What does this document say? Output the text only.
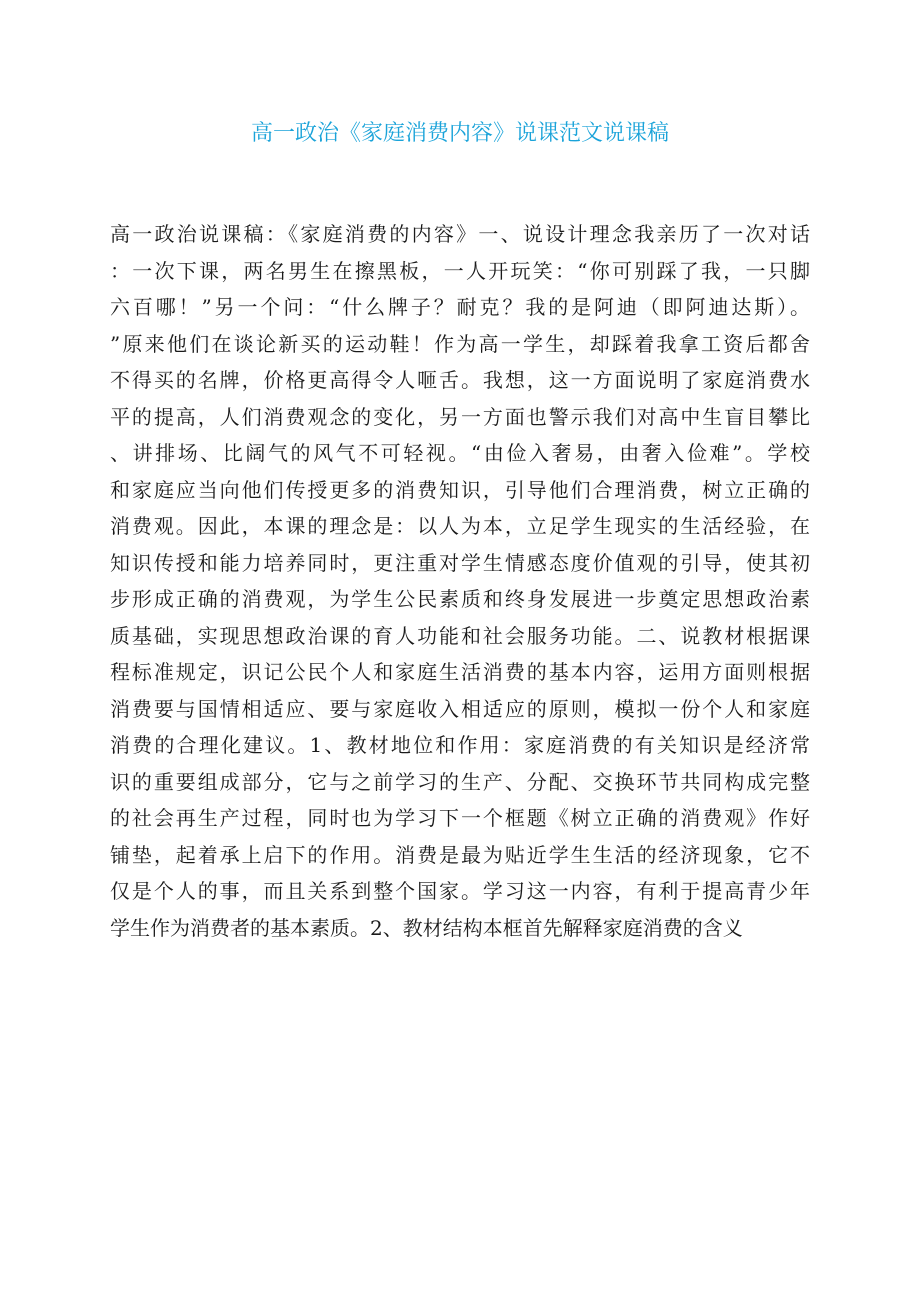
高一政治《家庭消费内容》说课范文说课稿
高一政治说课稿：《家庭消费的内容》一、说设计理念我亲历了一次对话
：一次下课，两名男生在擦黑板，一人开玩笑：“你可别踩了我，一只脚
六百哪！”另一个问：“什么牌子？耐克？我的是阿迪（即阿迪达斯）。
”原来他们在谈论新买的运动鞋！作为高一学生，却踩着我拿工资后都舍
不得买的名牌，价格更高得令人咂舌。我想，这一方面说明了家庭消费水
平的提高，人们消费观念的变化，另一方面也警示我们对高中生盲目攀比
、讲排场、比阔气的风气不可轻视。“由俭入奢易，由奢入俭难”。学校
和家庭应当向他们传授更多的消费知识，引导他们合理消费，树立正确的
消费观。因此，本课的理念是：以人为本，立足学生现实的生活经验，在
知识传授和能力培养同时，更注重对学生情感态度价值观的引导，使其初
步形成正确的消费观，为学生公民素质和终身发展进一步奠定思想政治素
质基础，实现思想政治课的育人功能和社会服务功能。二、说教材根据课
程标准规定，识记公民个人和家庭生活消费的基本内容，运用方面则根据
消费要与国情相适应、要与家庭收入相适应的原则，模拟一份个人和家庭
消费的合理化建议。1、教材地位和作用：家庭消费的有关知识是经济常
识的重要组成部分，它与之前学习的生产、分配、交换环节共同构成完整
的社会再生产过程，同时也为学习下一个框题《树立正确的消费观》作好
铺垫，起着承上启下的作用。消费是最为贴近学生生活的经济现象，它不
仅是个人的事，而且关系到整个国家。学习这一内容，有利于提高青少年
学生作为消费者的基本素质。2、教材结构本框首先解释家庭消费的含义
